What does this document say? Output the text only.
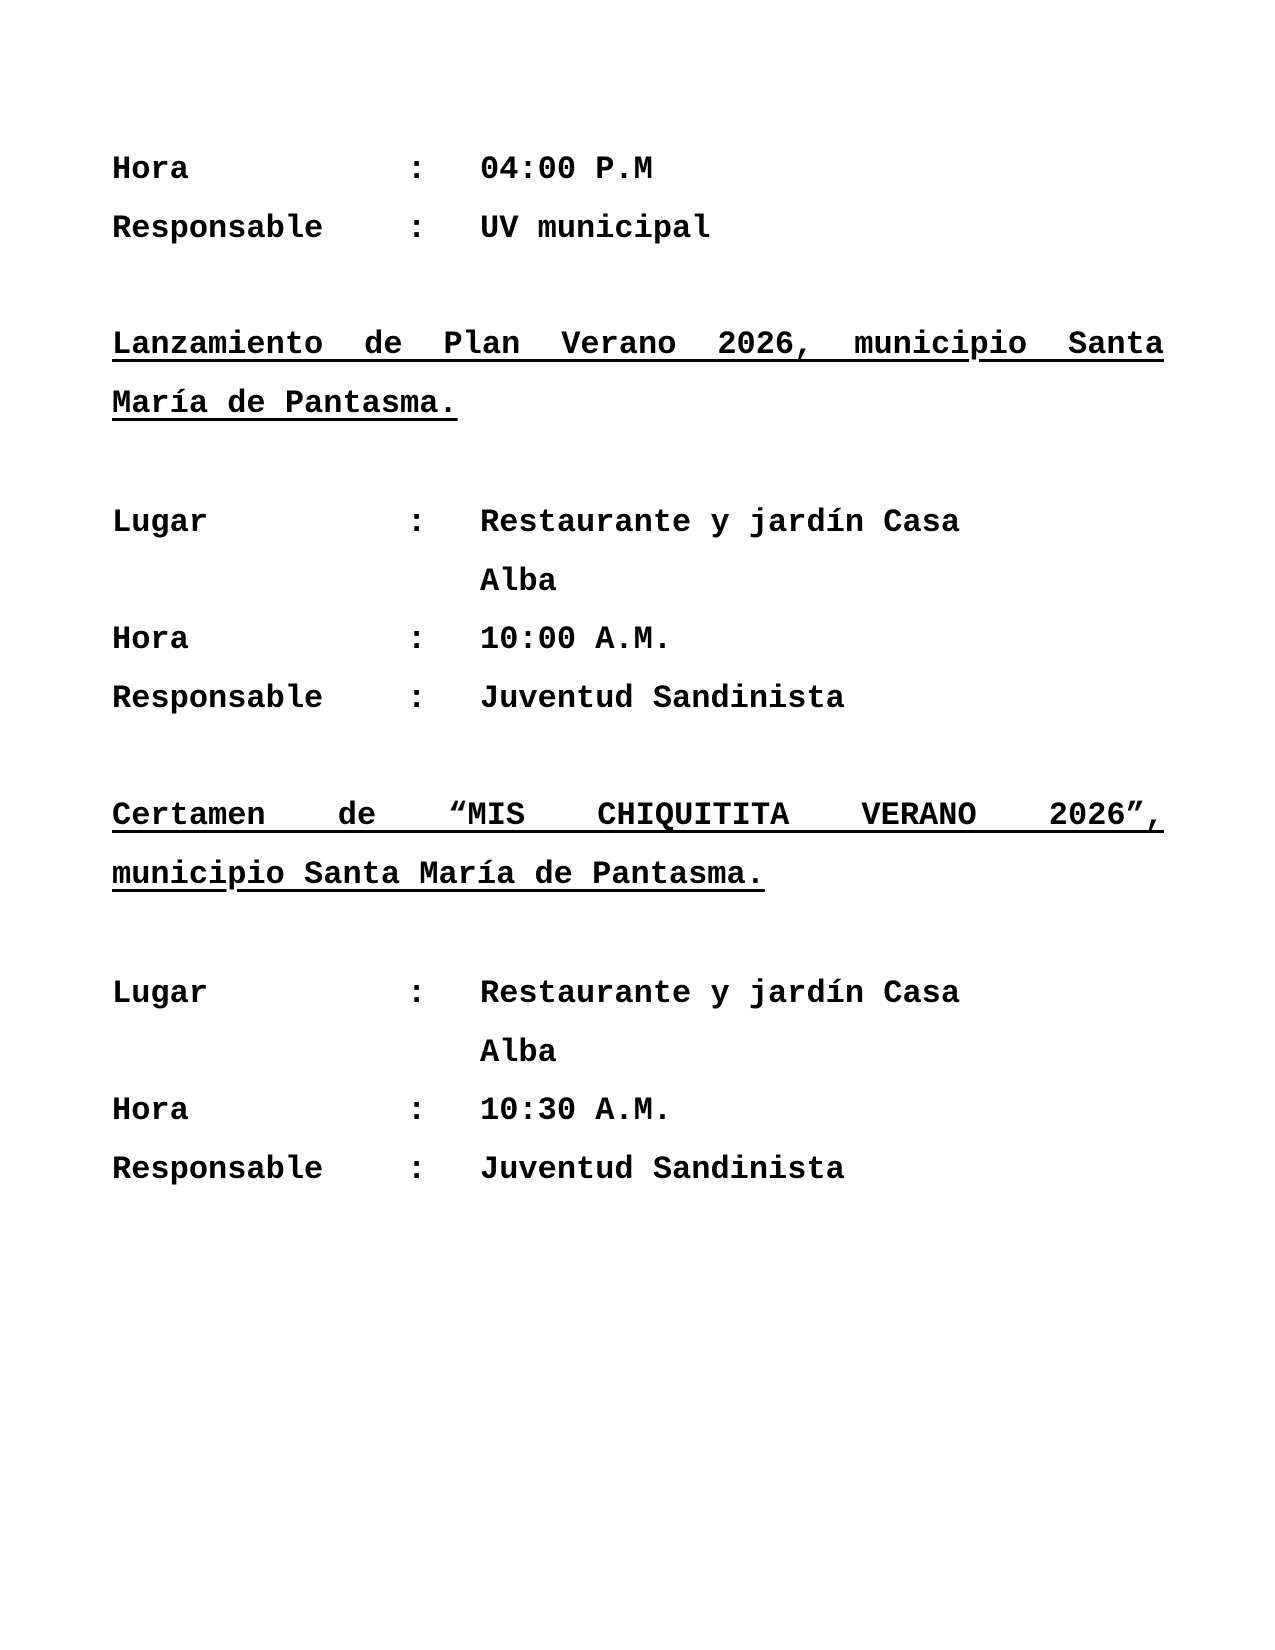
Hora	: 04:00 P.M
Responsable	: UV municipal
Lanzamiento de Plan Verano 2026, municipio Santa
María de Pantasma.
Lugar	: Restaurante y jardín Casa
Alba
Hora	: 10:00 A.M.
Responsable	: Juventud Sandinista
Certamen de “MIS CHIQUITITA VERANO 2026”,
municipio Santa María de Pantasma.
Lugar	: Restaurante y jardín Casa
Alba
Hora	: 10:30 A.M.
Responsable	: Juventud Sandinista
